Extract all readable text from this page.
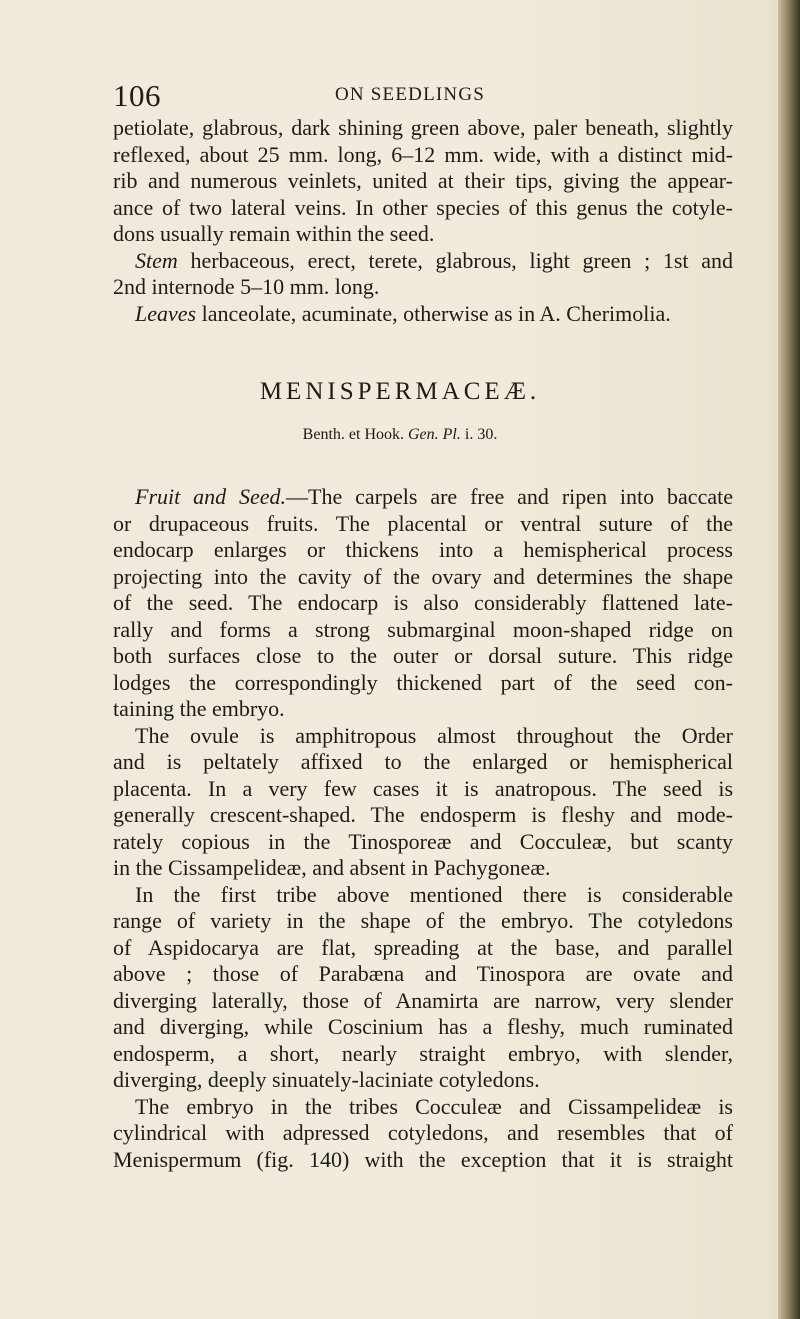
106	ON SEEDLINGS
petiolate, glabrous, dark shining green above, paler beneath, slightly
reflexed, about 25 mm. long, 6–12 mm. wide, with a distinct mid-
rib and numerous veinlets, united at their tips, giving the appear-
ance of two lateral veins. In other species of this genus the cotyle-
dons usually remain within the seed.
Stem herbaceous, erect, terete, glabrous, light green ; 1st and
2nd internode 5–10 mm. long.
Leaves lanceolate, acuminate, otherwise as in A. Cherimolia.
MENISPERMACEÆ.
Benth. et Hook. Gen. Pl. i. 30.
Fruit and Seed.—The carpels are free and ripen into baccate
or drupaceous fruits. The placental or ventral suture of the
endocarp enlarges or thickens into a hemispherical process
projecting into the cavity of the ovary and determines the shape
of the seed. The endocarp is also considerably flattened late-
rally and forms a strong submarginal moon-shaped ridge on
both surfaces close to the outer or dorsal suture. This ridge
lodges the correspondingly thickened part of the seed con-
taining the embryo.
The ovule is amphitropous almost throughout the Order
and is peltately affixed to the enlarged or hemispherical
placenta. In a very few cases it is anatropous. The seed is
generally crescent-shaped. The endosperm is fleshy and mode-
rately copious in the Tinosporeæ and Cocculeæ, but scanty
in the Cissampelideæ, and absent in Pachygoneæ.
In the first tribe above mentioned there is considerable
range of variety in the shape of the embryo. The cotyledons
of Aspidocarya are flat, spreading at the base, and parallel
above ; those of Parabæna and Tinospora are ovate and
diverging laterally, those of Anamirta are narrow, very slender
and diverging, while Coscinium has a fleshy, much ruminated
endosperm, a short, nearly straight embryo, with slender,
diverging, deeply sinuately-laciniate cotyledons.
The embryo in the tribes Cocculeæ and Cissampelideæ is
cylindrical with adpressed cotyledons, and resembles that of
Menispermum (fig. 140) with the exception that it is straight
